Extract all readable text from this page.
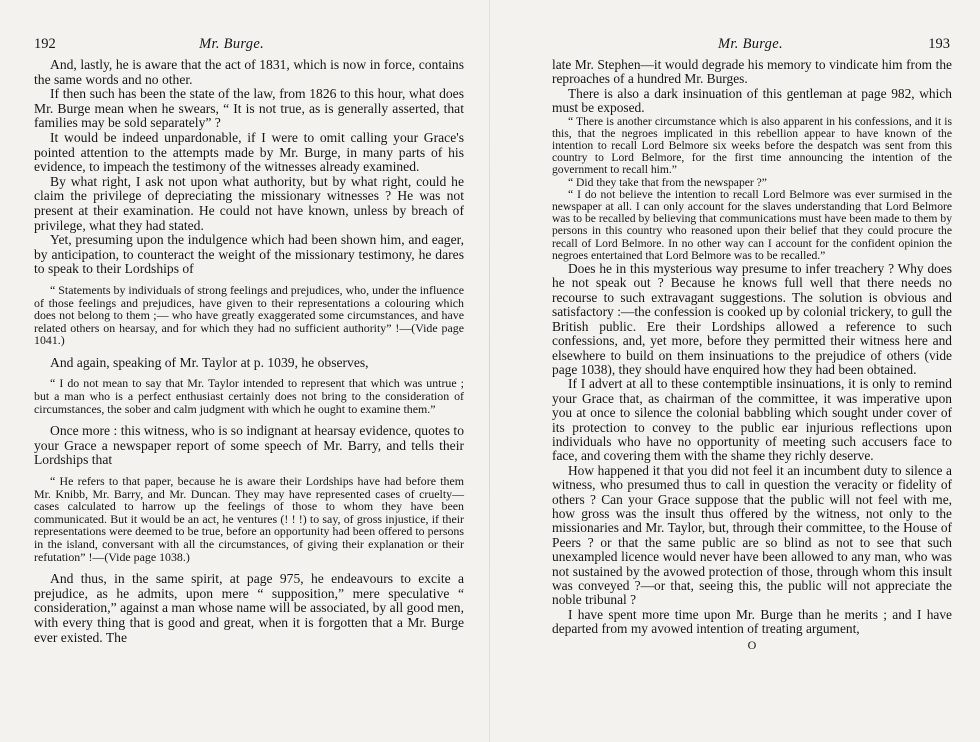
192	Mr. Burge.

And, lastly, he is aware that the act of 1831, which is now in force, contains the same words and no other.

If then such has been the state of the law, from 1826 to this hour, what does Mr. Burge mean when he swears, “ It is not true, as is generally asserted, that families may be sold separately” ?

It would be indeed unpardonable, if I were to omit calling your Grace's pointed attention to the attempts made by Mr. Burge, in many parts of his evidence, to impeach the testimony of the witnesses already examined.

By what right, I ask not upon what authority, but by what right, could he claim the privilege of depreciating the missionary witnesses ? He was not present at their examination. He could not have known, unless by breach of privilege, what they had stated.

Yet, presuming upon the indulgence which had been shown him, and eager, by anticipation, to counteract the weight of the missionary testimony, he dares to speak to their Lordships of

“ Statements by individuals of strong feelings and prejudices, who, under the influence of those feelings and prejudices, have given to their representations a colouring which does not belong to them ;— who have greatly exaggerated some circumstances, and have related others on hearsay, and for which they had no sufficient authority” !—(Vide page 1041.)

And again, speaking of Mr. Taylor at p. 1039, he observes,

“ I do not mean to say that Mr. Taylor intended to represent that which was untrue ; but a man who is a perfect enthusiast certainly does not bring to the consideration of circumstances, the sober and calm judgment with which he ought to examine them.”

Once more : this witness, who is so indignant at hearsay evidence, quotes to your Grace a newspaper report of some speech of Mr. Barry, and tells their Lordships that

“ He refers to that paper, because he is aware their Lordships have had before them Mr. Knibb, Mr. Barry, and Mr. Duncan. They may have represented cases of cruelty—cases calculated to harrow up the feelings of those to whom they have been communicated. But it would be an act, he ventures (! ! !) to say, of gross injustice, if their representations were deemed to be true, before an opportunity had been offered to persons in the island, conversant with all the circumstances, of giving their explanation or their refutation” !—(Vide page 1038.)

And thus, in the same spirit, at page 975, he endeavours to excite a prejudice, as he admits, upon mere “ supposition,” mere speculative “ consideration,” against a man whose name will be associated, by all good men, with every thing that is good and great, when it is forgotten that a Mr. Burge ever existed. The

Mr. Burge.	193

late Mr. Stephen—it would degrade his memory to vindicate him from the reproaches of a hundred Mr. Burges.

There is also a dark insinuation of this gentleman at page 982, which must be exposed.

“ There is another circumstance which is also apparent in his confessions, and it is this, that the negroes implicated in this rebellion appear to have known of the intention to recall Lord Belmore six weeks before the despatch was sent from this country to Lord Belmore, for the first time announcing the intention of the government to recall him.”

“ Did they take that from the newspaper ?”

“ I do not believe the intention to recall Lord Belmore was ever surmised in the newspaper at all. I can only account for the slaves understanding that Lord Belmore was to be recalled by believing that communications must have been made to them by persons in this country who reasoned upon their belief that they could procure the recall of Lord Belmore. In no other way can I account for the confident opinion the negroes entertained that Lord Belmore was to be recalled.”

Does he in this mysterious way presume to infer treachery ? Why does he not speak out ? Because he knows full well that there needs no recourse to such extravagant suggestions. The solution is obvious and satisfactory :—the confession is cooked up by colonial trickery, to gull the British public. Ere their Lordships allowed a reference to such confessions, and, yet more, before they permitted their witness here and elsewhere to build on them insinuations to the prejudice of others (vide page 1038), they should have enquired how they had been obtained.

If I advert at all to these contemptible insinuations, it is only to remind your Grace that, as chairman of the committee, it was imperative upon you at once to silence the colonial babbling which sought under cover of its protection to convey to the public ear injurious reflections upon individuals who have no opportunity of meeting such accusers face to face, and covering them with the shame they richly deserve.

How happened it that you did not feel it an incumbent duty to silence a witness, who presumed thus to call in question the veracity or fidelity of others ? Can your Grace suppose that the public will not feel with me, how gross was the insult thus offered by the witness, not only to the missionaries and Mr. Taylor, but, through their committee, to the House of Peers ? or that the same public are so blind as not to see that such unexampled licence would never have been allowed to any man, who was not sustained by the avowed protection of those, through whom this insult was conveyed ?—or that, seeing this, the public will not appreciate the noble tribunal ?

I have spent more time upon Mr. Burge than he merits ; and I have departed from my avowed intention of treating argument,

O
